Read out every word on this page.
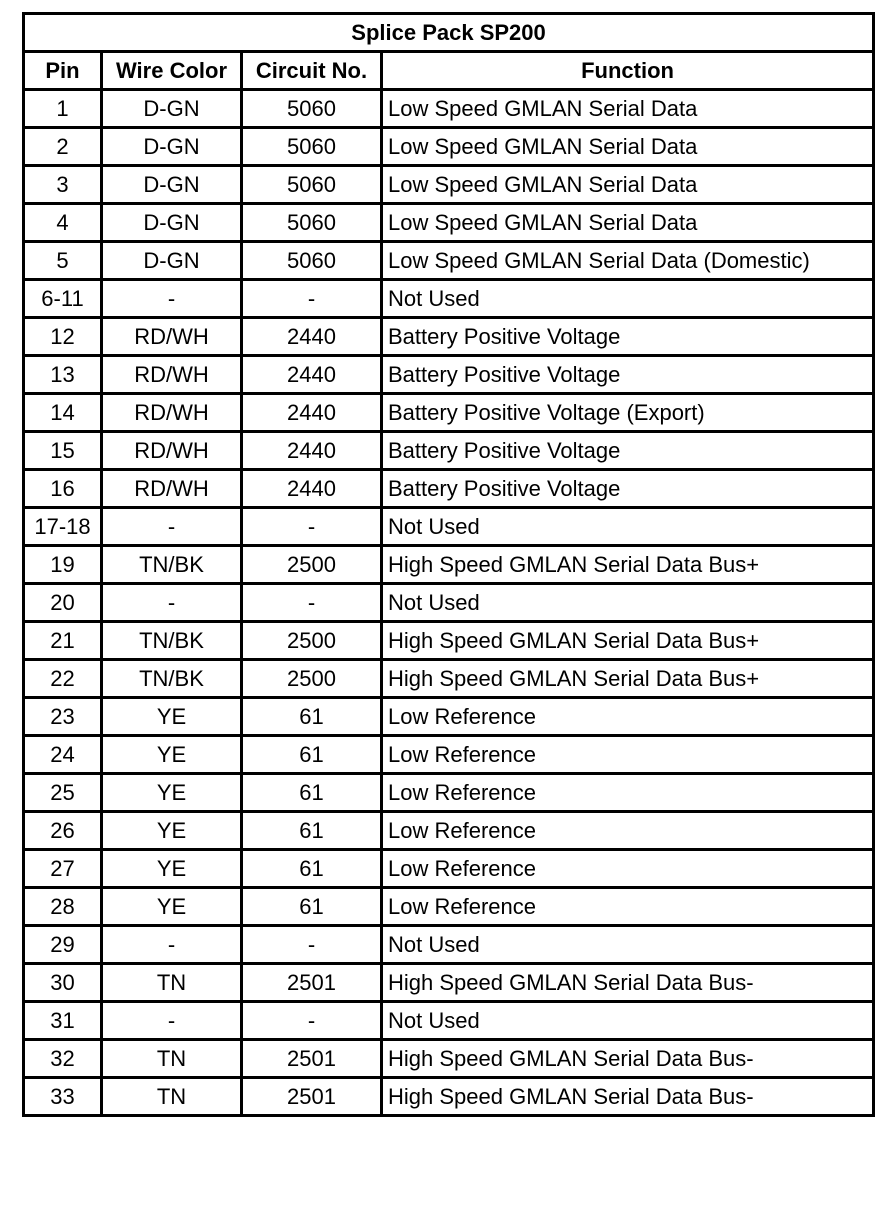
Splice Pack SP200			
Pin	Wire Color	Circuit No.	Function
1	D-GN	5060	Low Speed GMLAN Serial Data
2	D-GN	5060	Low Speed GMLAN Serial Data
3	D-GN	5060	Low Speed GMLAN Serial Data
4	D-GN	5060	Low Speed GMLAN Serial Data
5	D-GN	5060	Low Speed GMLAN Serial Data (Domestic)
6-11	-	-	Not Used
12	RD/WH	2440	Battery Positive Voltage
13	RD/WH	2440	Battery Positive Voltage
14	RD/WH	2440	Battery Positive Voltage (Export)
15	RD/WH	2440	Battery Positive Voltage
16	RD/WH	2440	Battery Positive Voltage
17-18	-	-	Not Used
19	TN/BK	2500	High Speed GMLAN Serial Data Bus+
20	-	-	Not Used
21	TN/BK	2500	High Speed GMLAN Serial Data Bus+
22	TN/BK	2500	High Speed GMLAN Serial Data Bus+
23	YE	61	Low Reference
24	YE	61	Low Reference
25	YE	61	Low Reference
26	YE	61	Low Reference
27	YE	61	Low Reference
28	YE	61	Low Reference
29	-	-	Not Used
30	TN	2501	High Speed GMLAN Serial Data Bus-
31	-	-	Not Used
32	TN	2501	High Speed GMLAN Serial Data Bus-
33	TN	2501	High Speed GMLAN Serial Data Bus-
